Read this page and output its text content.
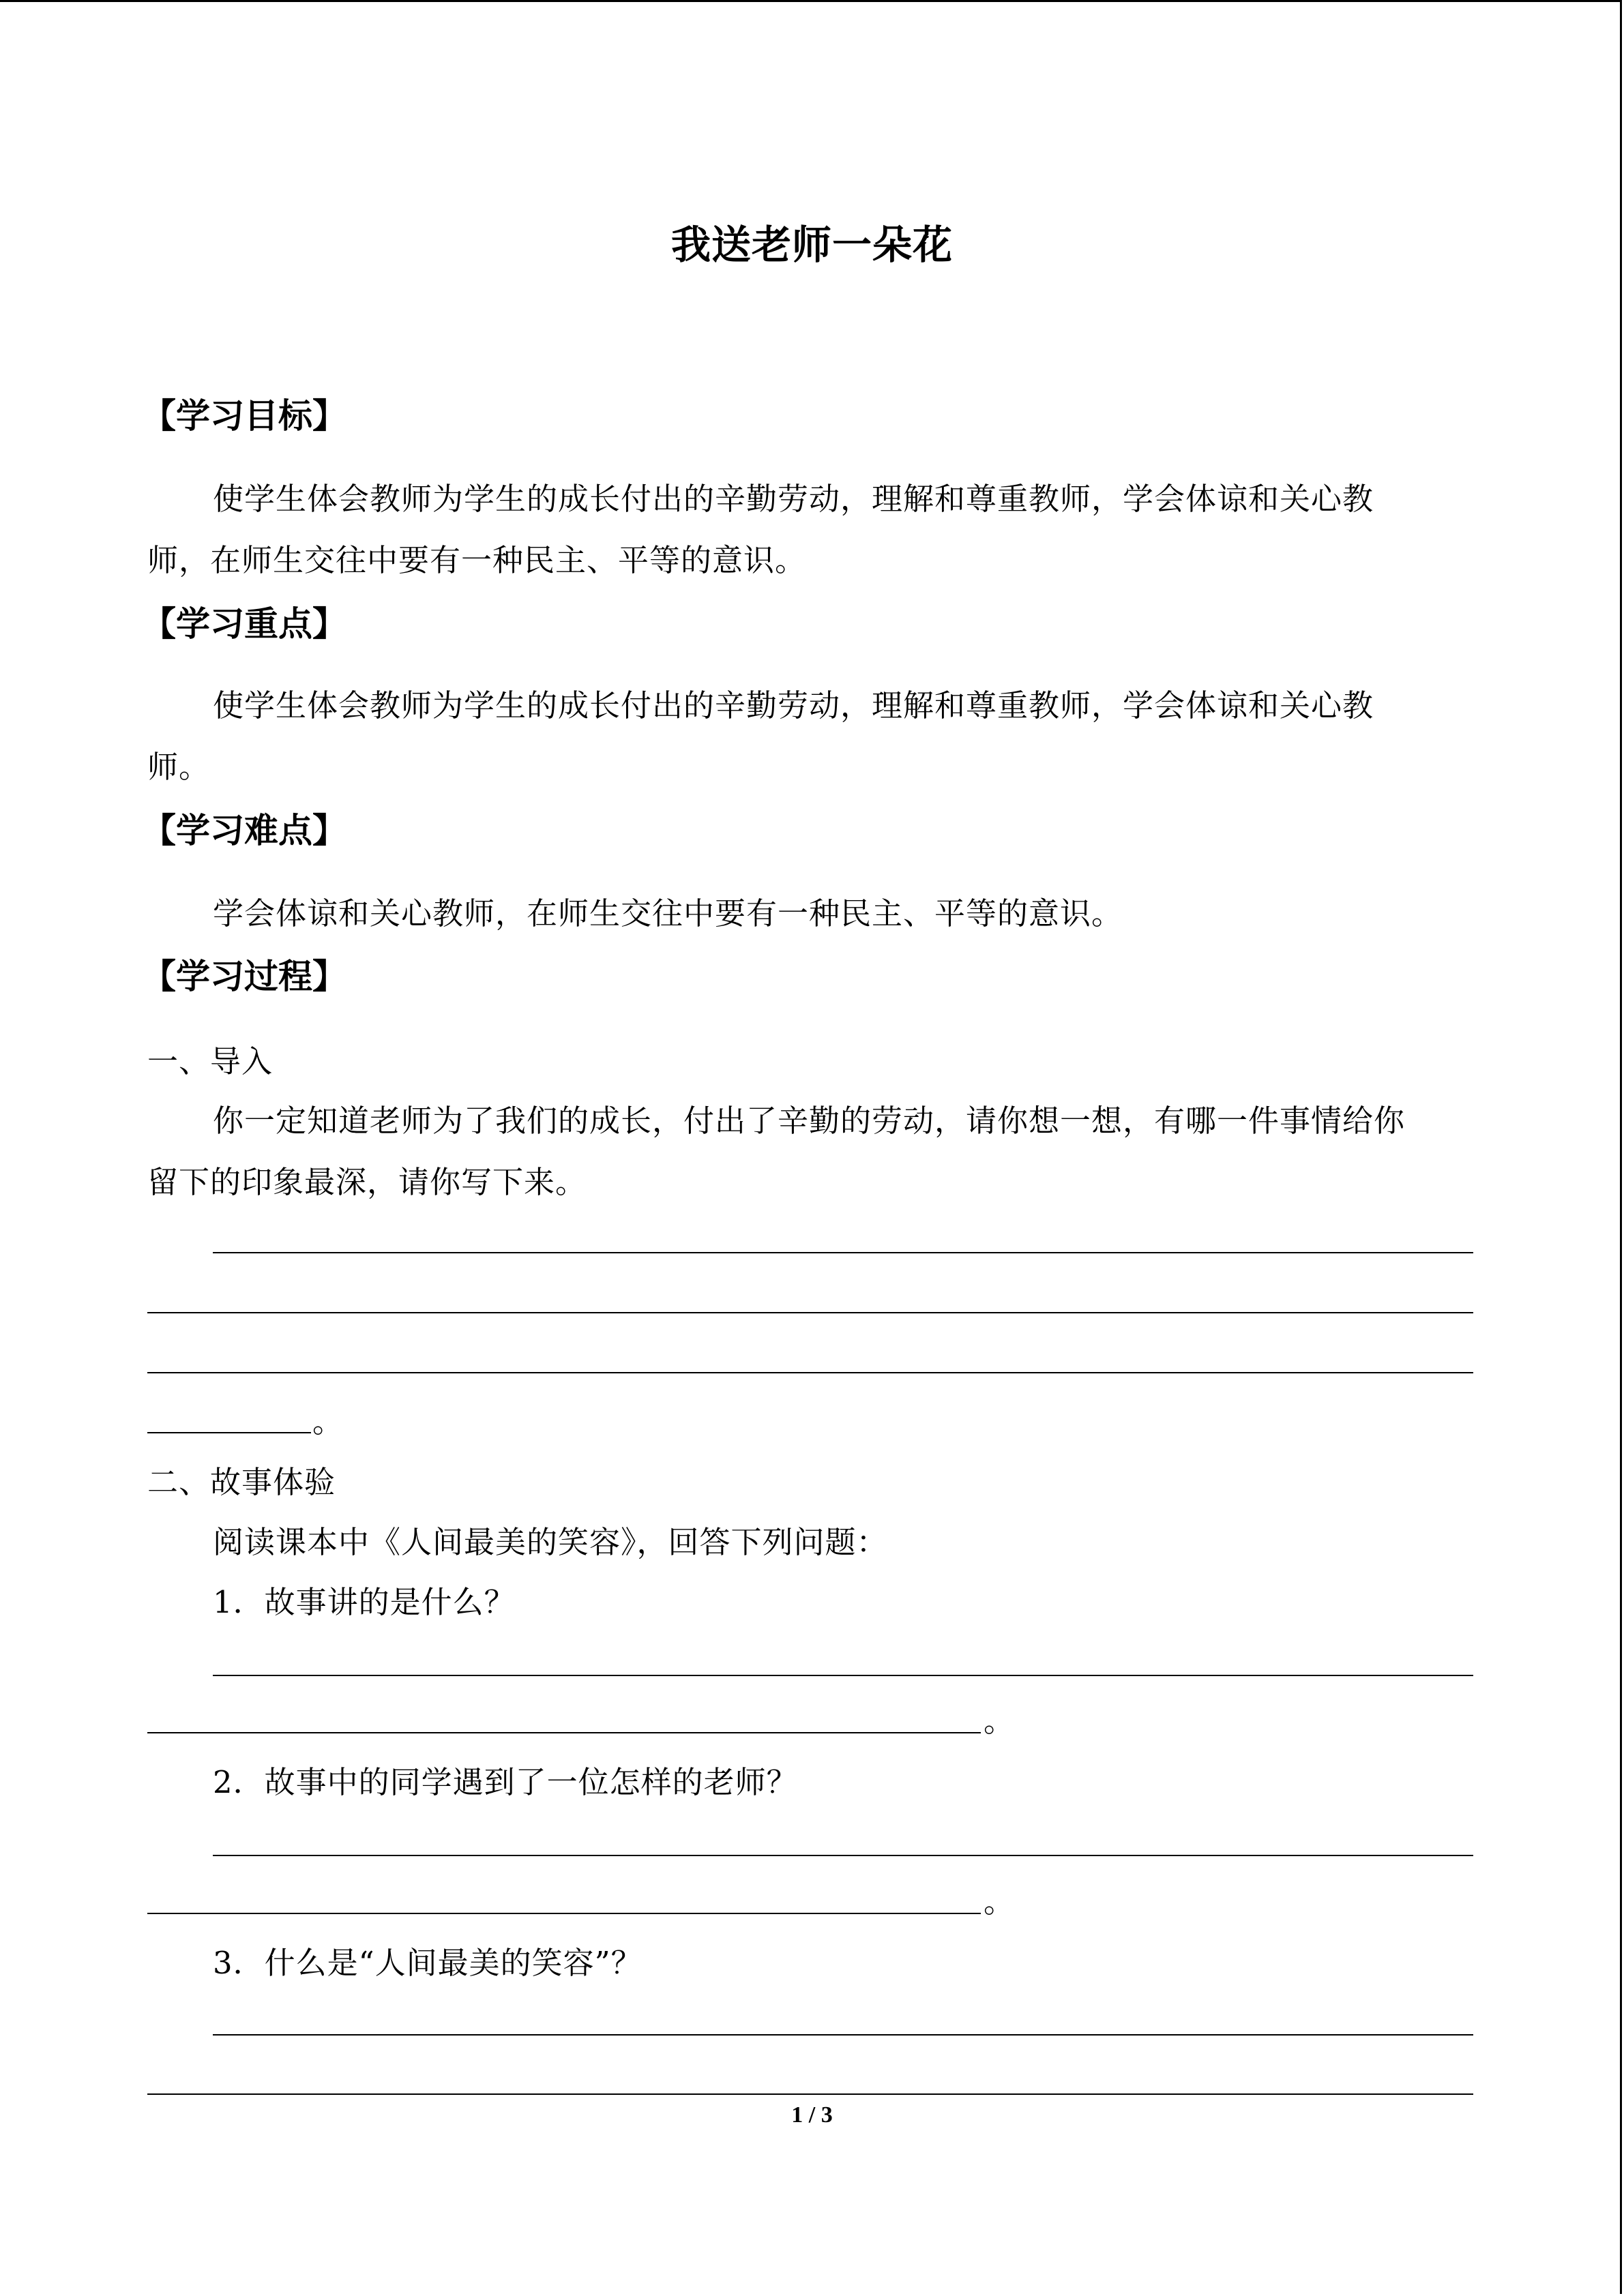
我送老师一朵花
【学习目标】
使学生体会教师为学生的成长付出的辛勤劳动，理解和尊重教师，学会体谅和关心教
师，在师生交往中要有一种民主、平等的意识。
【学习重点】
使学生体会教师为学生的成长付出的辛勤劳动，理解和尊重教师，学会体谅和关心教
师。
【学习难点】
学会体谅和关心教师，在师生交往中要有一种民主、平等的意识。
【学习过程】
一、导入
你一定知道老师为了我们的成长，付出了辛勤的劳动，请你想一想，有哪一件事情给你
留下的印象最深，请你写下来。
。
二、故事体验
阅读课本中《人间最美的笑容》，回答下列问题：
1．故事讲的是什么？
。
2．故事中的同学遇到了一位怎样的老师？
。
3．什么是“人间最美的笑容”？
1 / 3
